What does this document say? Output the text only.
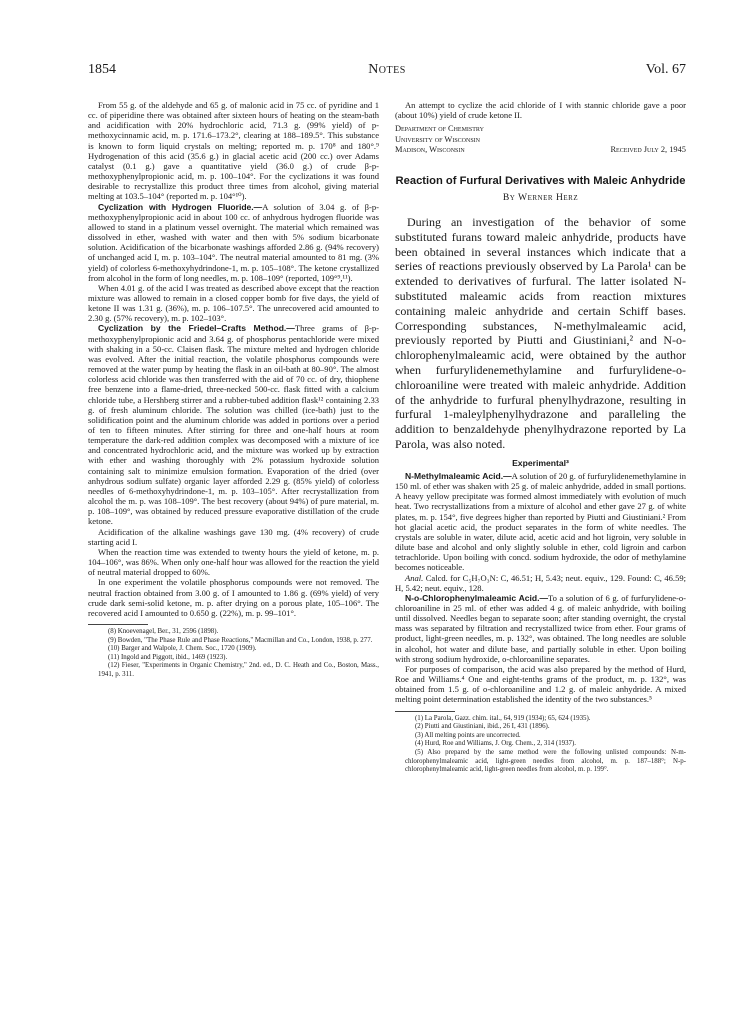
1854	Notes	Vol. 67

From 55 g. of the aldehyde and 65 g. of malonic acid in 75 cc. of pyridine and 1 cc. of piperidine there was obtained after sixteen hours of heating on the steam-bath and acidification with 20% hydrochloric acid, 71.3 g. (99% yield) of p-methoxycinnamic acid, m. p. 171.6–173.2°, clearing at 188–189.5°. This substance is known to form liquid crystals on melting; reported m. p. 170⁸ and 180°.⁹ Hydrogenation of this acid (35.6 g.) in glacial acetic acid (200 cc.) over Adams catalyst (0.1 g.) gave a quantitative yield (36.0 g.) of crude β-p-methoxyphenylpropionic acid, m. p. 100–104°. For the cyclizations it was found desirable to recrystallize this product three times from alcohol, giving material melting at 103.5–104° (reported m. p. 104°¹⁰).

Cyclization with Hydrogen Fluoride.—A solution of 3.04 g. of β-p-methoxyphenylpropionic acid in about 100 cc. of anhydrous hydrogen fluoride was allowed to stand in a platinum vessel overnight. The material which remained was dissolved in ether, washed with water and then with 5% sodium bicarbonate solution. Acidification of the bicarbonate washings afforded 2.86 g. (94% recovery) of unchanged acid I, m. p. 103–104°. The neutral material amounted to 81 mg. (3% yield) of colorless 6-methoxyhydrindone-1, m. p. 105–108°. The ketone crystallized from alcohol in the form of long needles, m. p. 108–109° (reported, 109°⁹,¹¹).

When 4.01 g. of the acid I was treated as described above except that the reaction mixture was allowed to remain in a closed copper bomb for five days, the yield of ketone II was 1.31 g. (36%), m. p. 106–107.5°. The unrecovered acid amounted to 2.30 g. (57% recovery), m. p. 102–103°.

Cyclization by the Friedel–Crafts Method.—Three grams of β-p-methoxyphenylpropionic acid and 3.64 g. of phosphorus pentachloride were mixed with shaking in a 50-cc. Claisen flask. The mixture melted and hydrogen chloride was evolved. After the initial reaction, the volatile phosphorus compounds were removed at the water pump by heating the flask in an oil-bath at 80–90°. The almost colorless acid chloride was then transferred with the aid of 70 cc. of dry, thiophene free benzene into a flame-dried, three-necked 500-cc. flask fitted with a calcium chloride tube, a Hershberg stirrer and a rubber-tubed addition flask¹² containing 2.33 g. of fresh aluminum chloride. The solution was chilled (ice-bath) just to the solidification point and the aluminum chloride was added in portions over a period of ten to fifteen minutes. After stirring for three and one-half hours at room temperature the dark-red addition complex was decomposed with a mixture of ice and concentrated hydrochloric acid, and the mixture was worked up by extraction with ether and washing thoroughly with 2% potassium hydroxide solution containing salt to minimize emulsion formation. Evaporation of the dried (over anhydrous sodium sulfate) organic layer afforded 2.29 g. (85% yield) of colorless needles of 6-methoxyhydrindone-1, m. p. 103–105°. After recrystallization from alcohol the m. p. was 108–109°. The best recovery (about 94%) of pure material, m. p. 108–109°, was obtained by reduced pressure evaporative distillation of the crude ketone.

Acidification of the alkaline washings gave 130 mg. (4% recovery) of crude starting acid I.

When the reaction time was extended to twenty hours the yield of ketone, m. p. 104–106°, was 86%. When only one-half hour was allowed for the reaction the yield of neutral material dropped to 60%.

In one experiment the volatile phosphorus compounds were not removed. The neutral fraction obtained from 3.00 g. of I amounted to 1.86 g. (69% yield) of very crude dark semi-solid ketone, m. p. after drying on a porous plate, 105–106°. The recovered acid I amounted to 0.650 g. (22%), m. p. 99–101°.

(8) Knoevenagel, Ber., 31, 2596 (1898).

(9) Bowden, "The Phase Rule and Phase Reactions," Macmillan and Co., London, 1938, p. 277.

(10) Barger and Walpole, J. Chem. Soc., 1720 (1909).

(11) Ingold and Piggott, ibid., 1469 (1923).

(12) Fieser, "Experiments in Organic Chemistry," 2nd. ed., D. C. Heath and Co., Boston, Mass., 1941, p. 311.

An attempt to cyclize the acid chloride of I with stannic chloride gave a poor (about 10%) yield of crude ketone II.

Department of Chemistry
University of Wisconsin
Madison, Wisconsin	Received July 2, 1945
Reaction of Furfural Derivatives with Maleic Anhydride
By Werner Herz

During an investigation of the behavior of some substituted furans toward maleic anhydride, products have been obtained in several instances which indicate that a series of reactions previously observed by La Parola¹ can be extended to derivatives of furfural. The latter isolated N-substituted maleamic acids from reaction mixtures containing maleic anhydride and certain Schiff bases. Corresponding substances, N-methylmaleamic acid, previously reported by Piutti and Giustiniani,² and N-o-chlorophenylmaleamic acid, were obtained by the author when furfurylidenemethylamine and furfurylidene-o-chloroaniline were treated with maleic anhydride. Addition of the anhydride to furfural phenylhydrazone, resulting in furfural 1-maleylphenylhydrazone and paralleling the addition to benzaldehyde phenylhydrazone reported by La Parola, was also noted.

Experimental³

N-Methylmaleamic Acid.—A solution of 20 g. of furfurylidenemethylamine in 150 ml. of ether was shaken with 25 g. of maleic anhydride, added in small portions. A heavy yellow precipitate was formed almost immediately with evolution of much heat. Two recrystallizations from a mixture of alcohol and ether gave 27 g. of white plates, m. p. 154°, five degrees higher than reported by Piutti and Giustiniani.² From hot glacial acetic acid, the product separates in the form of white needles. The crystals are soluble in water, dilute acid, acetic acid and hot ligroin, very soluble in dilute base and alcohol and only slightly soluble in ether, cold ligroin and carbon tetrachloride. Upon boiling with concd. sodium hydroxide, the odor of methylamine becomes noticeable.

Anal. Calcd. for C₅H₇O₃N: C, 46.51; H, 5.43; neut. equiv., 129. Found: C, 46.59; H, 5.42; neut. equiv., 128.

N-o-Chlorophenylmaleamic Acid.—To a solution of 6 g. of furfurylidene-o-chloroaniline in 25 ml. of ether was added 4 g. of maleic anhydride, with boiling until dissolved. Needles began to separate soon; after standing overnight, the crystal mass was separated by filtration and recrystallized twice from ether. Four grams of product, light-green needles, m. p. 132°, was obtained. The long needles are soluble in alcohol, hot water and dilute base, and partially soluble in ether. Upon boiling with strong sodium hydroxide, o-chloroaniline separates.

For purposes of comparison, the acid was also prepared by the method of Hurd, Roe and Williams.⁴ One and eight-tenths grams of the product, m. p. 132°, was obtained from 1.5 g. of o-chloroaniline and 1.2 g. of maleic anhydride. A mixed melting point determination established the identity of the two substances.⁵

(1) La Parola, Gazz. chim. ital., 64, 919 (1934); 65, 624 (1935).

(2) Piutti and Giustiniani, ibid., 26 I, 431 (1896).

(3) All melting points are uncorrected.

(4) Hurd, Roe and Williams, J. Org. Chem., 2, 314 (1937).

(5) Also prepared by the same method were the following unlisted compounds: N-m-chlorophenylmaleamic acid, light-green needles from alcohol, m. p. 187–188°; N-p-chlorophenylmaleamic acid, light-green needles from alcohol, m. p. 199°.
